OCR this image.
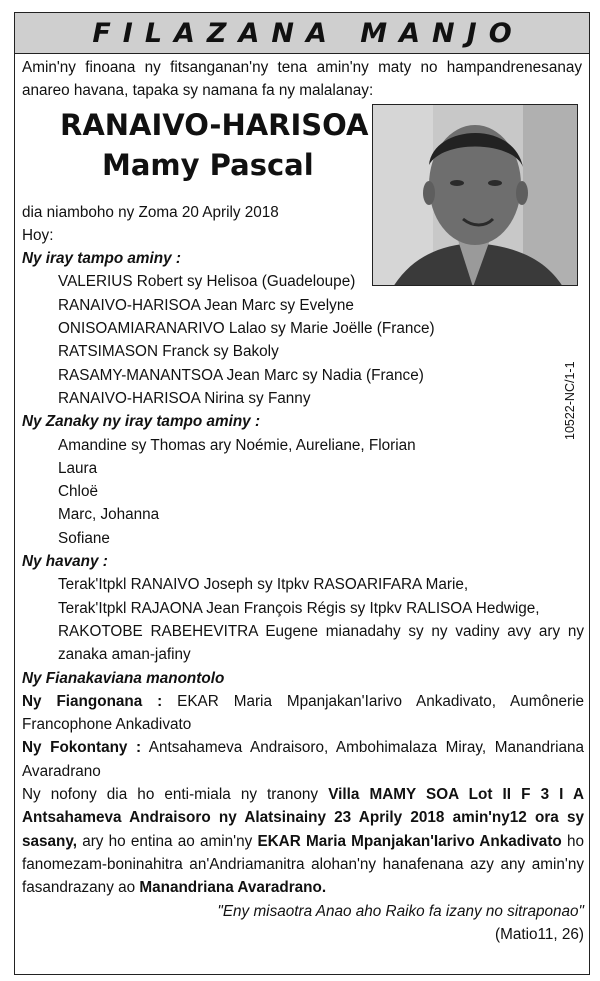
FILAZANA MANJO

Amin'ny finoana ny fitsanganan'ny tena amin'ny maty no hampandrenesanay anareo havana, tapaka sy namana fa ny malalanay:

RANAIVO-HARISOA
Mamy Pascal

dia niamboho ny Zoma 20 Aprily 2018

Hoy:

Ny iray tampo aminy :

VALERIUS Robert sy Helisoa (Guadeloupe)

RANAIVO-HARISOA Jean Marc sy Evelyne

ONISOAMIARANARIVO Lalao sy Marie Joëlle (France)

RATSIMASON Franck sy Bakoly

RASAMY-MANANTSOA Jean Marc sy Nadia (France)

RANAIVO-HARISOA Nirina sy Fanny

Ny Zanaky ny iray tampo aminy :

Amandine sy Thomas ary Noémie, Aureliane, Florian

Laura

Chloë

Marc, Johanna

Sofiane

Ny havany :

Terak'Itpkl RANAIVO Joseph sy Itpkv RASOARIFARA Marie,

Terak'Itpkl RAJAONA Jean François Régis sy Itpkv RALISOA Hedwige,

RAKOTOBE RABEHEVITRA Eugene mianadahy sy ny vadiny avy ary ny zanaka aman-jafiny

Ny Fianakaviana manontolo

Ny Fiangonana : EKAR Maria Mpanjakan'Iarivo Ankadivato, Aumônerie Francophone Ankadivato

Ny Fokontany : Antsahameva Andraisoro, Ambohimalaza Miray, Manandriana Avaradrano

Ny nofony dia ho enti-miala ny tranony Villa MAMY SOA Lot II F 3 I A Antsahameva Andraisoro ny Alatsinainy 23 Aprily 2018 amin'ny12 ora sy sasany, ary ho entina ao amin'ny EKAR Maria Mpanjakan'Iarivo Ankadivato ho fanomezam-boninahitra an'Andriamanitra alohan'ny hanafenana azy any amin'ny fasandrazany ao Manandriana Avaradrano.

"Eny misaotra Anao aho Raiko fa izany no sitraponao"

(Matio11, 26)

10522-NC/1-1
